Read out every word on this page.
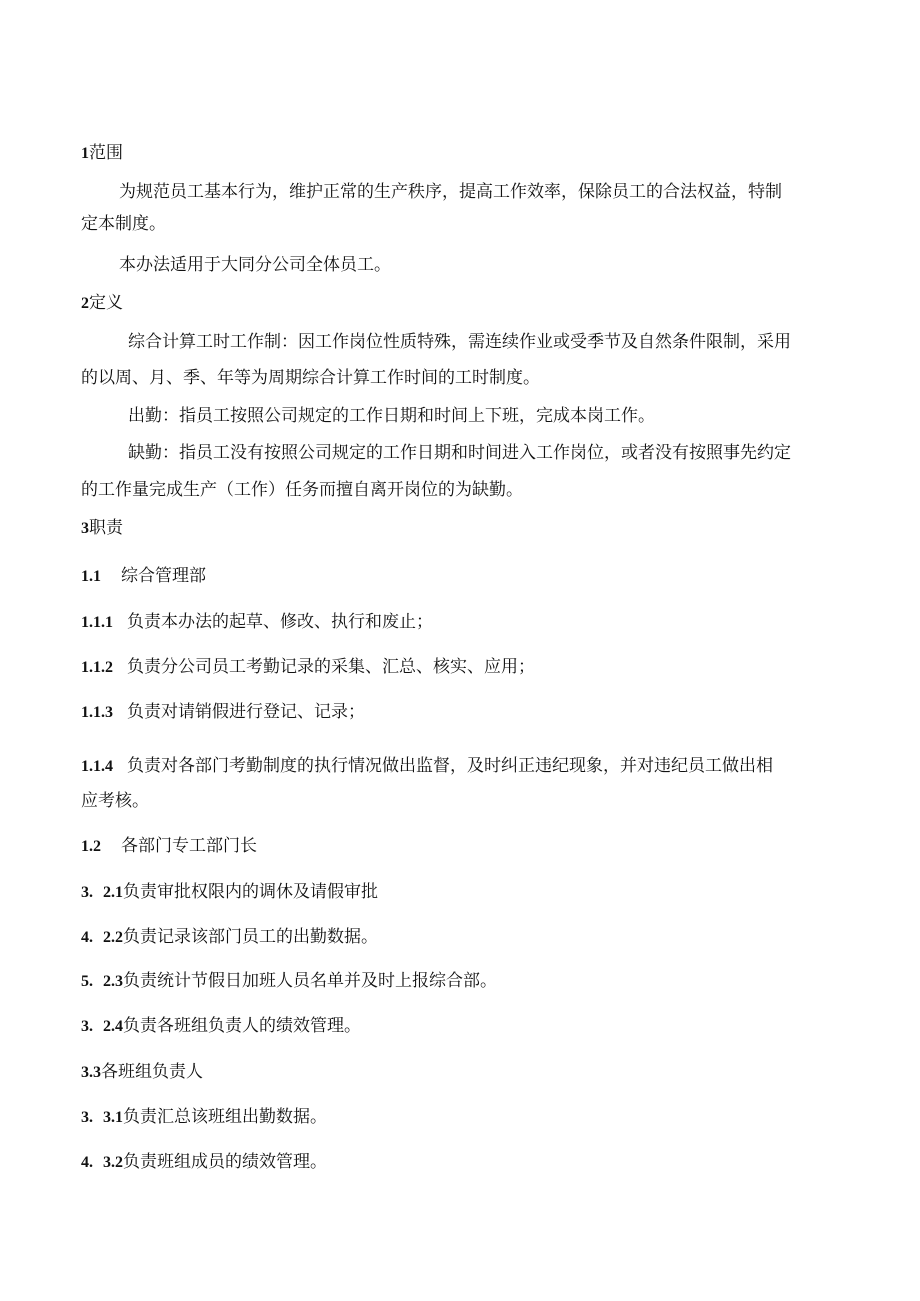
1范围
为规范员工基本行为，维护正常的生产秩序，提高工作效率，保除员工的合法权益，特制
定本制度。
本办法适用于大同分公司全体员工。
2定义
综合计算工时工作制：因工作岗位性质特殊，需连续作业或受季节及自然条件限制，采用
的以周、月、季、年等为周期综合计算工作时间的工时制度。
出勤：指员工按照公司规定的工作日期和时间上下班，完成本岗工作。
缺勤：指员工没有按照公司规定的工作日期和时间进入工作岗位，或者没有按照事先约定
的工作量完成生产（工作）任务而擅自离开岗位的为缺勤。
3职责
1.1 综合管理部
1.1.1 负责本办法的起草、修改、执行和废止；
1.1.2 负责分公司员工考勤记录的采集、汇总、核实、应用；
1.1.3 负责对请销假进行登记、记录；
1.1.4 负责对各部门考勤制度的执行情况做出监督，及时纠正违纪现象，并对违纪员工做出相
应考核。
1.2 各部门专工部门长
3. 2.1负责审批权限内的调休及请假审批
4. 2.2负责记录该部门员工的出勤数据。
5. 2.3负责统计节假日加班人员名单并及时上报综合部。
3. 2.4负责各班组负责人的绩效管理。
3.3各班组负责人
3. 3.1负责汇总该班组出勤数据。
4. 3.2负责班组成员的绩效管理。
